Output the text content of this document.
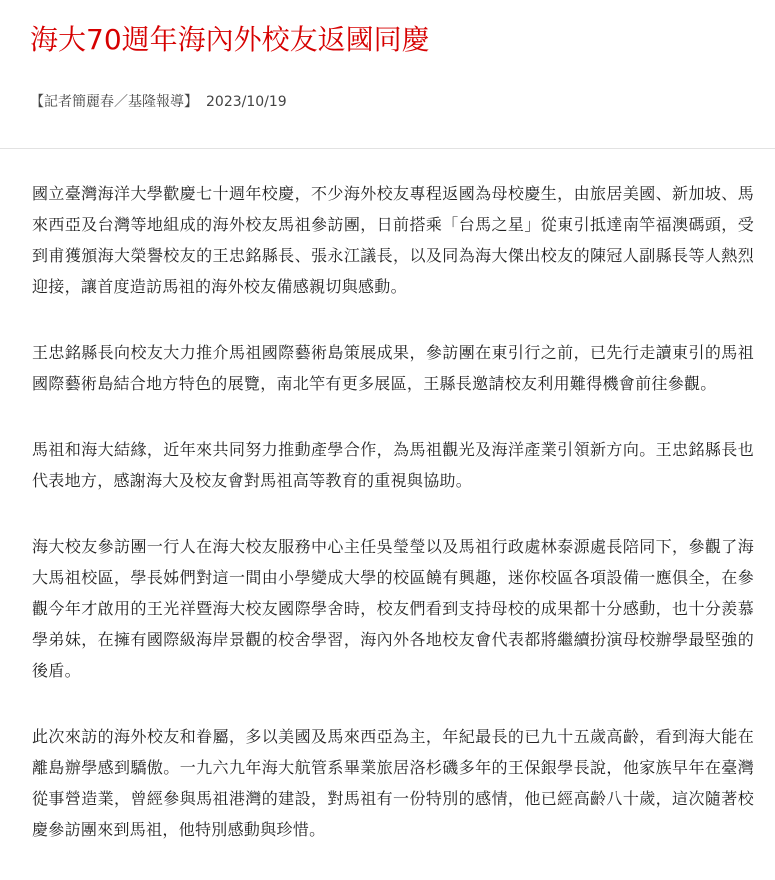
海大70週年海內外校友返國同慶
【記者簡麗春／基隆報導】 2023/10/19

國立臺灣海洋大學歡慶七十週年校慶，不少海外校友專程返國為母校慶生，由旅居美國、新加坡、馬來西亞及台灣等地組成的海外校友馬祖參訪團，日前搭乘「台馬之星」從東引抵達南竿福澳碼頭，受到甫獲頒海大榮譽校友的王忠銘縣長、張永江議長，以及同為海大傑出校友的陳冠人副縣長等人熱烈迎接，讓首度造訪馬祖的海外校友備感親切與感動。

王忠銘縣長向校友大力推介馬祖國際藝術島策展成果，參訪團在東引行之前，已先行走讀東引的馬祖國際藝術島結合地方特色的展覽，南北竿有更多展區，王縣長邀請校友利用難得機會前往參觀。

馬祖和海大結緣，近年來共同努力推動產學合作，為馬祖觀光及海洋產業引領新方向。王忠銘縣長也代表地方，感謝海大及校友會對馬祖高等教育的重視與協助。

海大校友參訪團一行人在海大校友服務中心主任吳瑩瑩以及馬祖行政處林泰源處長陪同下，參觀了海大馬祖校區，學長姊們對這一間由小學變成大學的校區饒有興趣，迷你校區各項設備一應俱全，在參觀今年才啟用的王光祥暨海大校友國際學舍時，校友們看到支持母校的成果都十分感動，也十分羨慕學弟妹，在擁有國際級海岸景觀的校舍學習，海內外各地校友會代表都將繼續扮演母校辦學最堅強的後盾。

此次來訪的海外校友和眷屬，多以美國及馬來西亞為主，年紀最長的已九十五歲高齡，看到海大能在離島辦學感到驕傲。一九六九年海大航管系畢業旅居洛杉磯多年的王保銀學長說，他家族早年在臺灣從事營造業，曾經參與馬祖港灣的建設，對馬祖有一份特別的感情，他已經高齡八十歲，這次隨著校慶參訪團來到馬祖，他特別感動與珍惜。
